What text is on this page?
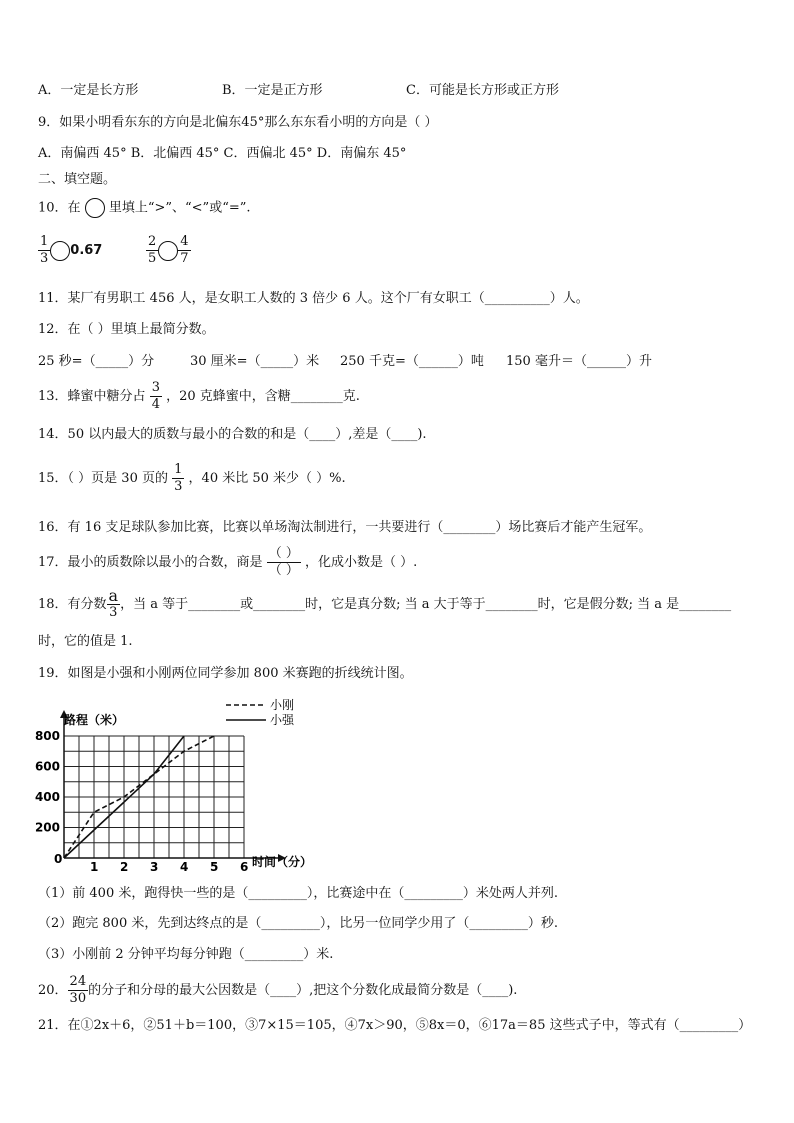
A．一定是长方形	B．一定是正方形	C．可能是长方形或正方形
9．如果小明看东东的方向是北偏东45°那么东东看小明的方向是（ ）
A．南偏西 45° B．北偏西 45° C．西偏北 45° D．南偏东 45°
二、填空题。
10．在 里填上“>”、“<”或“=”.
$\frac{1}{3} 0.67$	$\frac{2}{5} \frac{4}{7}$
11．某厂有男职工 456 人，是女职工人数的 3 倍少 6 人。这个厂有女职工（__________）人。
12．在（ ）里填上最简分数。
25 秒=（_____）分	30 厘米=（_____）米 250 千克=（______）吨 150 毫升＝（______）升
13．蜂蜜中糖分占 $\frac{3}{4}$ ，20 克蜂蜜中，含糖________克.
14．50 以内最大的质数与最小的合数的和是（____）,差是（____).
15．（ ）页是 30 页的 $\frac{1}{3}$ ，40 米比 50 米少（ ）%.
16．有 16 支足球队参加比赛，比赛以单场淘汰制进行，一共要进行（________）场比赛后才能产生冠军。
17．最小的质数除以最小的合数，商是 $\frac{( )}{( )}$ ，化成小数是（ ）.
18．有分数 $\frac{a}{3}$ ，当 a 等于________或________时，它是真分数; 当 a 大于等于________时，它是假分数; 当 a 是________
时，它的值是 1.
19．如图是小强和小刚两位同学参加 800 米赛跑的折线统计图。
1 2 3 4 5 6
200
400
600
800
小刚
小强
路程（米）
时间（分）
0
（1）前 400 米，跑得快一些的是（_________），比赛途中在（_________）米处两人并列.
（2）跑完 800 米，先到达终点的是（_________），比另一位同学少用了（_________）秒.
（3）小刚前 2 分钟平均每分钟跑（_________）米.
20． $\frac{24}{30}$ 的分子和分母的最大公因数是（____）,把这个分数化成最简分数是（____).
21．在①2x＋6，②51＋b＝100，③7×15＝105，④7x＞90，⑤8x＝0，⑥17a＝85 这些式子中，等式有（_________）
